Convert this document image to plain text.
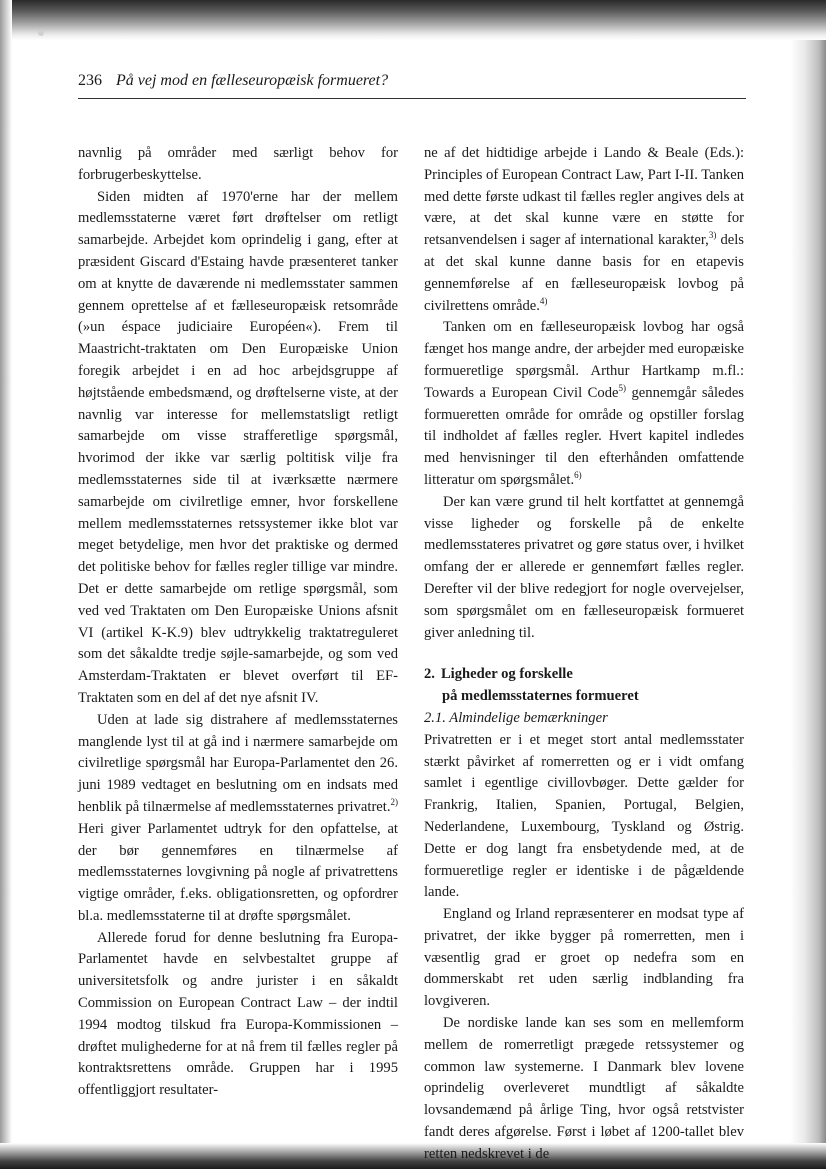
236 På vej mod en fælleseuropæisk formueret?

navnlig på områder med særligt behov for forbrugerbeskyttelse.

Siden midten af 1970'erne har der mellem medlemsstaterne været ført drøftelser om retligt samarbejde. Arbejdet kom oprindelig i gang, efter at præsident Giscard d'Estaing havde præsenteret tanker om at knytte de daværende ni medlemsstater sammen gennem oprettelse af et fælleseuropæisk retsområde (»un éspace judiciaire Européen«). Frem til Maastricht-traktaten om Den Europæiske Union foregik arbejdet i en ad hoc arbejdsgruppe af højtstående embedsmænd, og drøftelserne viste, at der navnlig var interesse for mellemstatsligt retligt samarbejde om visse strafferetlige spørgsmål, hvorimod der ikke var særlig poltitisk vilje fra medlemsstaternes side til at iværksætte nærmere samarbejde om civilretlige emner, hvor forskellene mellem medlemsstaternes retssystemer ikke blot var meget betydelige, men hvor det praktiske og dermed det politiske behov for fælles regler tillige var mindre. Det er dette samarbejde om retlige spørgsmål, som ved ved Traktaten om Den Europæiske Unions afsnit VI (artikel K-K.9) blev udtrykkelig traktatreguleret som det såkaldte tredje søjle-samarbejde, og som ved Amsterdam-Traktaten er blevet overført til EF-Traktaten som en del af det nye afsnit IV.

Uden at lade sig distrahere af medlemsstaternes manglende lyst til at gå ind i nærmere samarbejde om civilretlige spørgsmål har Europa-Parlamentet den 26. juni 1989 vedtaget en beslutning om en indsats med henblik på tilnærmelse af medlemsstaternes privatret.$^{2)}$ Heri giver Parlamentet udtryk for den opfattelse, at der bør gennemføres en tilnærmelse af medlemsstaternes lovgivning på nogle af privatrettens vigtige områder, f.eks. obligationsretten, og opfordrer bl.a. medlemsstaterne til at drøfte spørgsmålet.

Allerede forud for denne beslutning fra Europa-Parlamentet havde en selvbestaltet gruppe af universitetsfolk og andre jurister i en såkaldt Commission on European Contract Law – der indtil 1994 modtog tilskud fra Europa-Kommissionen – drøftet mulighederne for at nå frem til fælles regler på kontraktsrettens område. Gruppen har i 1995 offentliggjort resultater-

ne af det hidtidige arbejde i Lando & Beale (Eds.): Principles of European Contract Law, Part I-II. Tanken med dette første udkast til fælles regler angives dels at være, at det skal kunne være en støtte for retsanvendelsen i sager af international karakter,$^{3)}$ dels at det skal kunne danne basis for en etapevis gennemførelse af en fælleseuropæisk lovbog på civilrettens område.$^{4)}$

Tanken om en fælleseuropæisk lovbog har også fænget hos mange andre, der arbejder med europæiske formueretlige spørgsmål. Arthur Hartkamp m.fl.: Towards a European Civil Code$^{5)}$ gennemgår således formueretten område for område og opstiller forslag til indholdet af fælles regler. Hvert kapitel indledes med henvisninger til den efterhånden omfattende litteratur om spørgsmålet.$^{6)}$

Der kan være grund til helt kortfattet at gennemgå visse ligheder og forskelle på de enkelte medlemsstateres privatret og gøre status over, i hvilket omfang der er allerede er gennemført fælles regler. Derefter vil der blive redegjort for nogle overvejelser, som spørgsmålet om en fælleseuropæisk formueret giver anledning til.

2. Ligheder og forskelle
på medlemsstaternes formueret
2.1. Almindelige bemærkninger

Privatretten er i et meget stort antal medlemsstater stærkt påvirket af romerretten og er i vidt omfang samlet i egentlige civillovbøger. Dette gælder for Frankrig, Italien, Spanien, Portugal, Belgien, Nederlandene, Luxembourg, Tyskland og Østrig. Dette er dog langt fra ensbetydende med, at de formueretlige regler er identiske i de pågældende lande.

England og Irland repræsenterer en modsat type af privatret, der ikke bygger på romerretten, men i væsentlig grad er groet op nedefra som en dommerskabt ret uden særlig indblanding fra lovgiveren.

De nordiske lande kan ses som en mellemform mellem de romerretligt prægede retssystemer og common law systemerne. I Danmark blev lovene oprindelig overleveret mundtligt af såkaldte lovsandemænd på årlige Ting, hvor også retstvister fandt deres afgørelse. Først i løbet af 1200-tallet blev retten nedskrevet i de
